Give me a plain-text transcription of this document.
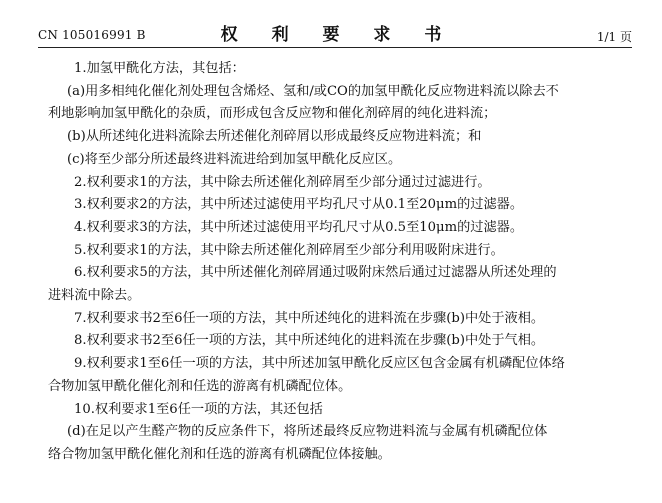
CN 105016991 B	权 利 要 求 书	1/1 页
1.加氢甲酰化方法，其包括：
(a)用多相纯化催化剂处理包含烯烃、氢和/或CO的加氢甲酰化反应物进料流以除去不
利地影响加氢甲酰化的杂质，而形成包含反应物和催化剂碎屑的纯化进料流；
(b)从所述纯化进料流除去所述催化剂碎屑以形成最终反应物进料流；和
(c)将至少部分所述最终进料流进给到加氢甲酰化反应区。
2.权利要求1的方法，其中除去所述催化剂碎屑至少部分通过过滤进行。
3.权利要求2的方法，其中所述过滤使用平均孔尺寸从0.1至20μm的过滤器。
4.权利要求3的方法，其中所述过滤使用平均孔尺寸从0.5至10μm的过滤器。
5.权利要求1的方法，其中除去所述催化剂碎屑至少部分利用吸附床进行。
6.权利要求5的方法，其中所述催化剂碎屑通过吸附床然后通过过滤器从所述处理的
进料流中除去。
7.权利要求书2至6任一项的方法，其中所述纯化的进料流在步骤(b)中处于液相。
8.权利要求书2至6任一项的方法，其中所述纯化的进料流在步骤(b)中处于气相。
9.权利要求1至6任一项的方法，其中所述加氢甲酰化反应区包含金属有机磷配位体络
合物加氢甲酰化催化剂和任选的游离有机磷配位体。
10.权利要求1至6任一项的方法，其还包括
(d)在足以产生醛产物的反应条件下，将所述最终反应物进料流与金属有机磷配位体
络合物加氢甲酰化催化剂和任选的游离有机磷配位体接触。
